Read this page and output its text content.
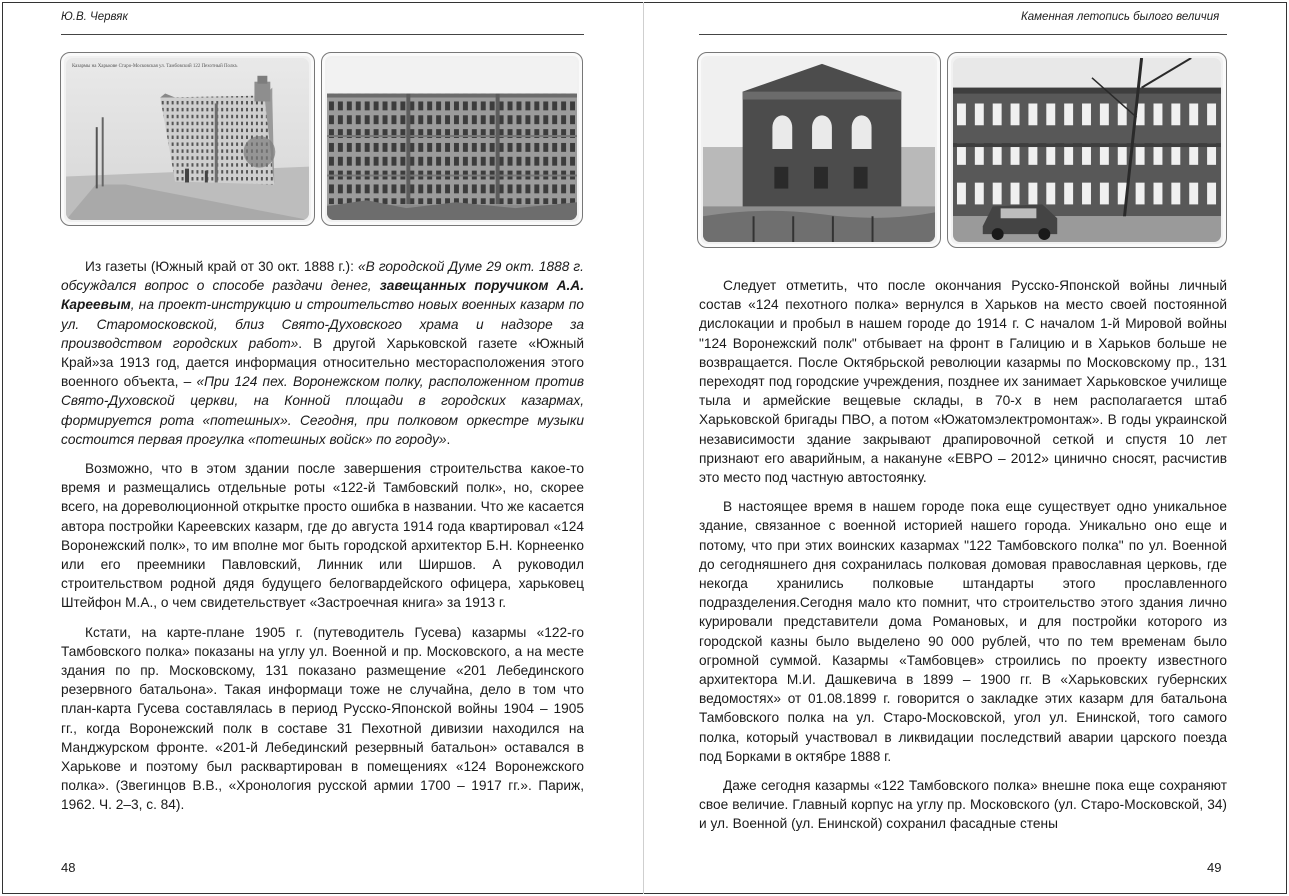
Ю.В. Червяк
Казармы на Харькове Старо-Московская ул. Тамбовский 122 Пехотный Полкъ

Из газеты (Южный край от 30 окт. 1888 г.): «В городской Думе 29 окт. 1888 г. обсуждался вопрос о способе раздачи денег, завещанных поручиком А.А. Кареевым, на проект-инструкцию и строительство новых военных казарм по ул. Старомосковской, близ Свято-Духовского храма и надзоре за производством городских работ». В другой Харьковской газете «Южный Край»за 1913 год, дается информация относительно месторасположения этого военного объекта, – «При 124 пех. Воронежском полку, расположенном против Свято-Духовской церкви, на Конной площади в городских казармах, формируется рота «потешных». Сегодня, при полковом оркестре музыки состоится первая прогулка «потешных войск» по городу».

Возможно, что в этом здании после завершения строительства какое-то время и размещались отдельные роты «122-й Тамбовский полк», но, скорее всего, на дореволюционной открытке просто ошибка в названии. Что же касается автора постройки Кареевских казарм, где до августа 1914 года квартировал «124 Воронежский полк», то им вполне мог быть городской архитектор Б.Н. Корнеенко или его преемники Павловский, Линник или Ширшов. А руководил строительством родной дядя будущего белогвардейского офицера, харьковец Штейфон М.А., о чем свидетельствует «Застроечная книга» за 1913 г.

Кстати, на карте-плане 1905 г. (путеводитель Гусева) казармы «122-го Тамбовского полка» показаны на углу ул. Военной и пр. Московского, а на месте здания по пр. Московскому, 131 показано размещение «201 Лебединского резервного батальона». Такая информаци тоже не случайна, дело в том что план-карта Гусева составлялась в период Русско-Японской войны 1904 – 1905 гг., когда Воронежский полк в составе 31 Пехотной дивизии находился на Манджурском фронте. «201-й Лебединский резервный батальон» оставался в Харькове и поэтому был расквартирован в помещениях «124 Воронежского полка». (Звегинцов В.В., «Хронология русской армии 1700 – 1917 гг.». Париж, 1962. Ч. 2–3, с. 84).

48
Каменная летопись былого величия

Следует отметить, что после окончания Русско-Японской войны личный состав «124 пехотного полка» вернулся в Харьков на место своей постоянной дислокации и пробыл в нашем городе до 1914 г. С началом 1-й Мировой войны "124 Воронежский полк" отбывает на фронт в Галицию и в Харьков больше не возвращается. После Октябрьской революции казармы по Московскому пр., 131 переходят под городские учреждения, позднее их занимает Харьковское училище тыла и армейские вещевые склады, в 70-х в нем располагается штаб Харьковской бригады ПВО, а потом «Южатомэлектромонтаж». В годы украинской независимости здание закрывают драпировочной сеткой и спустя 10 лет признают его аварийным, а накануне «ЕВРО – 2012» цинично сносят, расчистив это место под частную автостоянку.

В настоящее время в нашем городе пока еще существует одно уникальное здание, связанное с военной историей нашего города. Уникально оно еще и потому, что при этих воинских казармах "122 Тамбовского полка" по ул. Военной до сегодняшнего дня сохранилась полковая домовая православная церковь, где некогда хранились полковые штандарты этого прославленного подразделения.Сегодня мало кто помнит, что строительство этого здания лично курировали представители дома Романовых, и для постройки которого из городской казны было выделено 90 000 рублей, что по тем временам было огромной суммой. Казармы «Тамбовцев» строились по проекту известного архитектора М.И. Дашкевича в 1899 – 1900 гг. В «Харьковских губернских ведомостях» от 01.08.1899 г. говорится о закладке этих казарм для батальона Тамбовского полка на ул. Старо-Московской, угол ул. Енинской, того самого полка, который участвовал в ликвидации последствий аварии царского поезда под Борками в октябре 1888 г.

Даже сегодня казармы «122 Тамбовского полка» внешне пока еще сохраняют свое величие. Главный корпус на углу пр. Московского (ул. Старо-Московской, 34) и ул. Военной (ул. Енинской) сохранил фасадные стены

49
